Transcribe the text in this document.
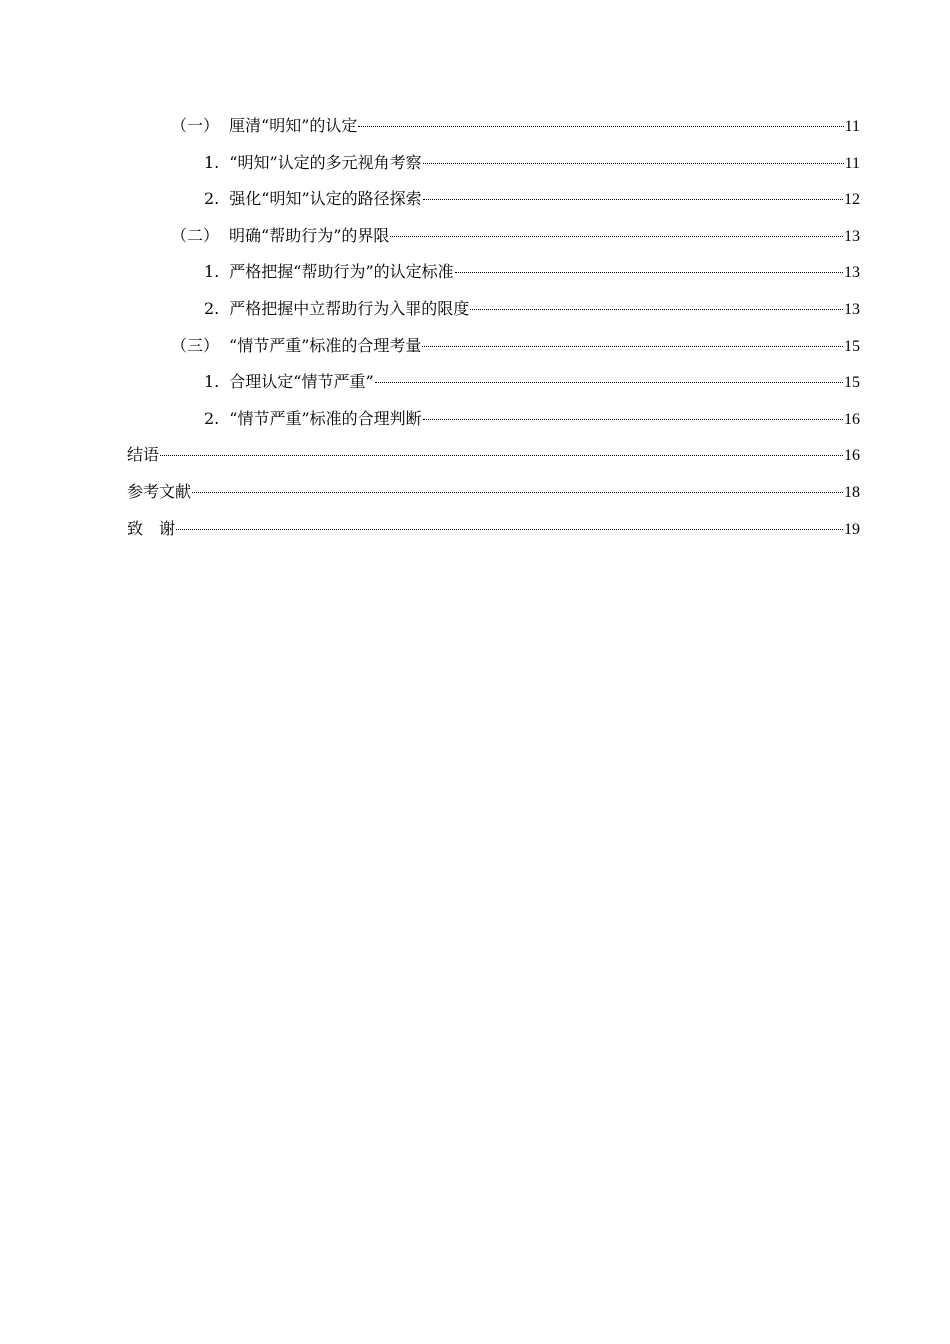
（一） 厘清“明知”的认定	11
1. “明知”认定的多元视角考察	11
2. 强化“明知”认定的路径探索	12
（二） 明确“帮助行为”的界限	13
1. 严格把握“帮助行为”的认定标准	13
2. 严格把握中立帮助行为入罪的限度	13
（三） “情节严重”标准的合理考量	15
1. 合理认定“情节严重”	15
2. “情节严重”标准的合理判断	16
结语	16
参考文献	18
致　谢	19
